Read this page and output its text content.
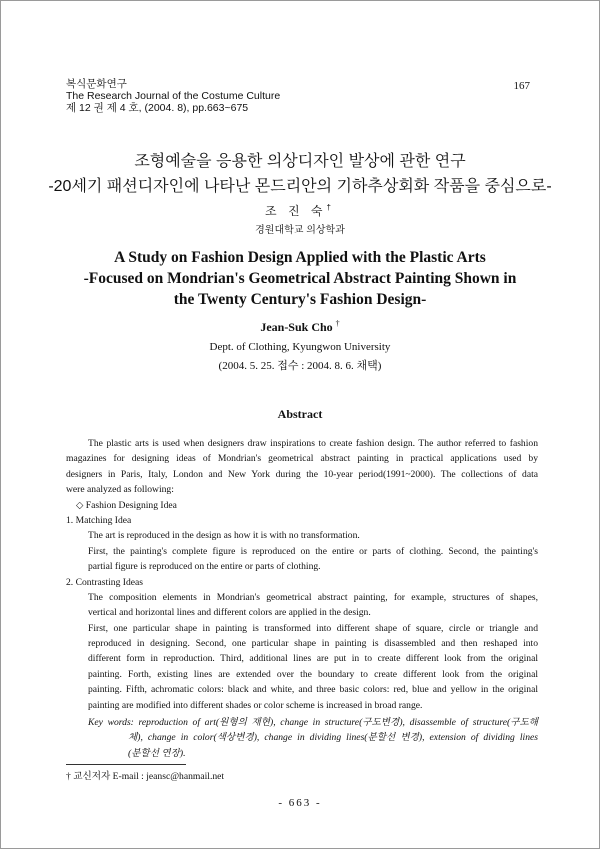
복식문화연구
The Research Journal of the Costume Culture
제 12 권 제 4 호, (2004. 8), pp.663~675
167
조형예술을 응용한 의상디자인 발상에 관한 연구
-20세기 패션디자인에 나타난 몬드리안의 기하추상회화 작품을 중심으로-
조 진 숙†
경원대학교 의상학과
A Study on Fashion Design Applied with the Plastic Arts
-Focused on Mondrian's Geometrical Abstract Painting Shown in
the Twenty Century's Fashion Design-
Jean-Suk Cho †
Dept. of Clothing, Kyungwon University
(2004. 5. 25. 접수 : 2004. 8. 6. 채택)
Abstract
The plastic arts is used when designers draw inspirations to create fashion design. The author referred to fashion
magazines for designing ideas of Mondrian's geometrical abstract painting in practical applications used by
designers in Paris, Italy, London and New York during the 10-year period(1991~2000). The collections of data
were analyzed as following:
◇ Fashion Designing Idea
1. Matching Idea
The art is reproduced in the design as how it is with no transformation.
First, the painting's complete figure is reproduced on the entire or parts of clothing. Second, the painting's
partial figure is reproduced on the entire or parts of clothing.
2. Contrasting Ideas
The composition elements in Mondrian's geometrical abstract painting, for example, structures of shapes,
vertical and horizontal lines and different colors are applied in the design.
First, one particular shape in painting is transformed into different shape of square, circle or triangle and
reproduced in designing. Second, one particular shape in painting is disassembled and then reshaped into
different form in reproduction. Third, additional lines are put in to create different look from the original
painting. Forth, existing lines are extended over the boundary to create different look from the original
painting. Fifth, achromatic colors: black and white, and three basic colors: red, blue and yellow in the original
painting are modified into different shades or color scheme is increased in broad range.
Key words: reproduction of art(원형의 재현), change in structure(구도변경), disassemble of structure(구도해
체), change in color(색상변경), change in dividing lines(분할선 변경), extension of dividing lines
(분할선 연장).
† 교신저자 E-mail : jeansc@hanmail.net
- 663 -
